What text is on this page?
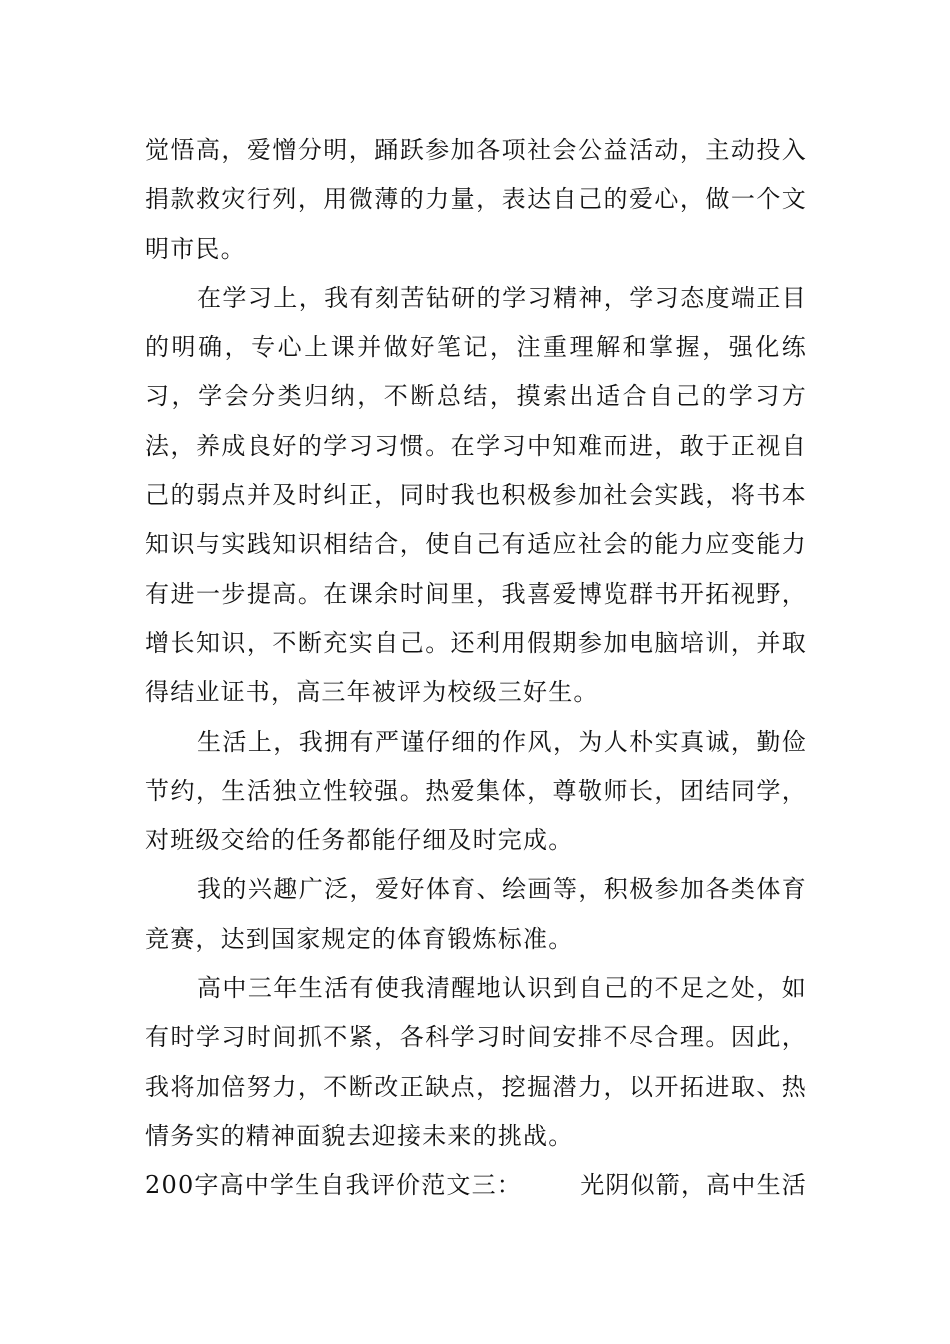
觉悟高，爱憎分明，踊跃参加各项社会公益活动，主动投入捐款救灾行列，用微薄的力量，表达自己的爱心，做一个文明市民。

在学习上，我有刻苦钻研的学习精神，学习态度端正目的明确，专心上课并做好笔记，注重理解和掌握，强化练习，学会分类归纳，不断总结，摸索出适合自己的学习方法，养成良好的学习习惯。在学习中知难而进，敢于正视自己的弱点并及时纠正，同时我也积极参加社会实践，将书本知识与实践知识相结合，使自己有适应社会的能力应变能力有进一步提高。在课余时间里，我喜爱博览群书开拓视野，增长知识，不断充实自己。还利用假期参加电脑培训，并取得结业证书，高三年被评为校级三好生。

生活上，我拥有严谨仔细的作风，为人朴实真诚，勤俭节约，生活独立性较强。热爱集体，尊敬师长，团结同学，对班级交给的任务都能仔细及时完成。

我的兴趣广泛，爱好体育、绘画等，积极参加各类体育竞赛，达到国家规定的体育锻炼标准。

高中三年生活有使我清醒地认识到自己的不足之处，如有时学习时间抓不紧，各科学习时间安排不尽合理。因此，我将加倍努力，不断改正缺点，挖掘潜力，以开拓进取、热情务实的精神面貌去迎接未来的挑战。

200字高中学生自我评价范文三： 光阴似箭，高中生活
